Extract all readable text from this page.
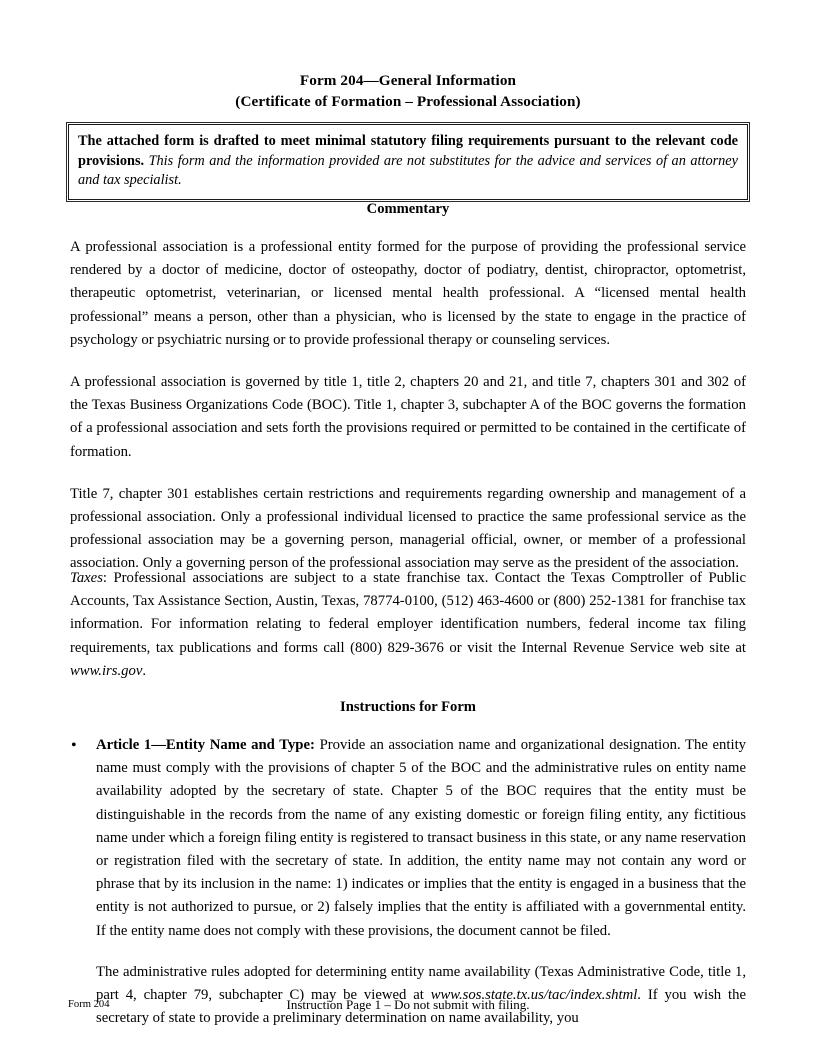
Form 204—General Information
(Certificate of Formation – Professional Association)

The attached form is drafted to meet minimal statutory filing requirements pursuant to the relevant code provisions. This form and the information provided are not substitutes for the advice and services of an attorney and tax specialist.

Commentary

A professional association is a professional entity formed for the purpose of providing the professional service rendered by a doctor of medicine, doctor of osteopathy, doctor of podiatry, dentist, chiropractor, optometrist, therapeutic optometrist, veterinarian, or licensed mental health professional. A “licensed mental health professional” means a person, other than a physician, who is licensed by the state to engage in the practice of psychology or psychiatric nursing or to provide professional therapy or counseling services.

A professional association is governed by title 1, title 2, chapters 20 and 21, and title 7, chapters 301 and 302 of the Texas Business Organizations Code (BOC). Title 1, chapter 3, subchapter A of the BOC governs the formation of a professional association and sets forth the provisions required or permitted to be contained in the certificate of formation.

Title 7, chapter 301 establishes certain restrictions and requirements regarding ownership and management of a professional association. Only a professional individual licensed to practice the same professional service as the professional association may be a governing person, managerial official, owner, or member of a professional association. Only a governing person of the professional association may serve as the president of the association.

Taxes: Professional associations are subject to a state franchise tax. Contact the Texas Comptroller of Public Accounts, Tax Assistance Section, Austin, Texas, 78774-0100, (512) 463-4600 or (800) 252-1381 for franchise tax information. For information relating to federal employer identification numbers, federal income tax filing requirements, tax publications and forms call (800) 829-3676 or visit the Internal Revenue Service web site at www.irs.gov.

Instructions for Form
• Article 1—Entity Name and Type: Provide an association name and organizational designation. The entity name must comply with the provisions of chapter 5 of the BOC and the administrative rules on entity name availability adopted by the secretary of state. Chapter 5 of the BOC requires that the entity must be distinguishable in the records from the name of any existing domestic or foreign filing entity, any fictitious name under which a foreign filing entity is registered to transact business in this state, or any name reservation or registration filed with the secretary of state. In addition, the entity name may not contain any word or phrase that by its inclusion in the name: 1) indicates or implies that the entity is engaged in a business that the entity is not authorized to pursue, or 2) falsely implies that the entity is affiliated with a governmental entity. If the entity name does not comply with these provisions, the document cannot be filed.

The administrative rules adopted for determining entity name availability (Texas Administrative Code, title 1, part 4, chapter 79, subchapter C) may be viewed at www.sos.state.tx.us/tac/index.shtml. If you wish the secretary of state to provide a preliminary determination on name availability, you

Form 204	Instruction Page 1 – Do not submit with filing.
